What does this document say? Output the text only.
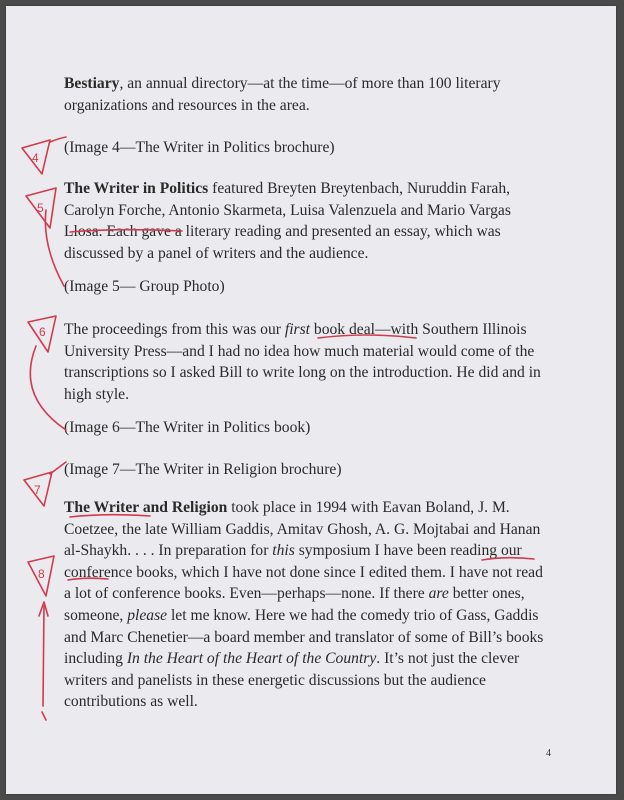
Bestiary, an annual directory—at the time—of more than 100 literary organizations and resources in the area.

(Image 4—The Writer in Politics brochure)

The Writer in Politics featured Breyten Breytenbach, Nuruddin Farah, Carolyn Forche, Antonio Skarmeta, Luisa Valenzuela and Mario Vargas Llosa. Each gave a literary reading and presented an essay, which was discussed by a panel of writers and the audience.

(Image 5— Group Photo)

The proceedings from this was our first book deal—with Southern Illinois University Press—and I had no idea how much material would come of the transcriptions so I asked Bill to write long on the introduction. He did and in high style.

(Image 6—The Writer in Politics book)

(Image 7—The Writer in Religion brochure)

The Writer and Religion took place in 1994 with Eavan Boland, J. M. Coetzee, the late William Gaddis, Amitav Ghosh, A. G. Mojtabai and Hanan al-Shaykh. . . . In preparation for this symposium I have been reading our conference books, which I have not done since I edited them. I have not read a lot of conference books. Even—perhaps—none. If there are better ones, someone, please let me know. Here we had the comedy trio of Gass, Gaddis and Marc Chenetier—a board member and translator of some of Bill’s books including In the Heart of the Heart of the Country. It’s not just the clever writers and panelists in these energetic discussions but the audience contributions as well.

4
4
5
6
7
8
